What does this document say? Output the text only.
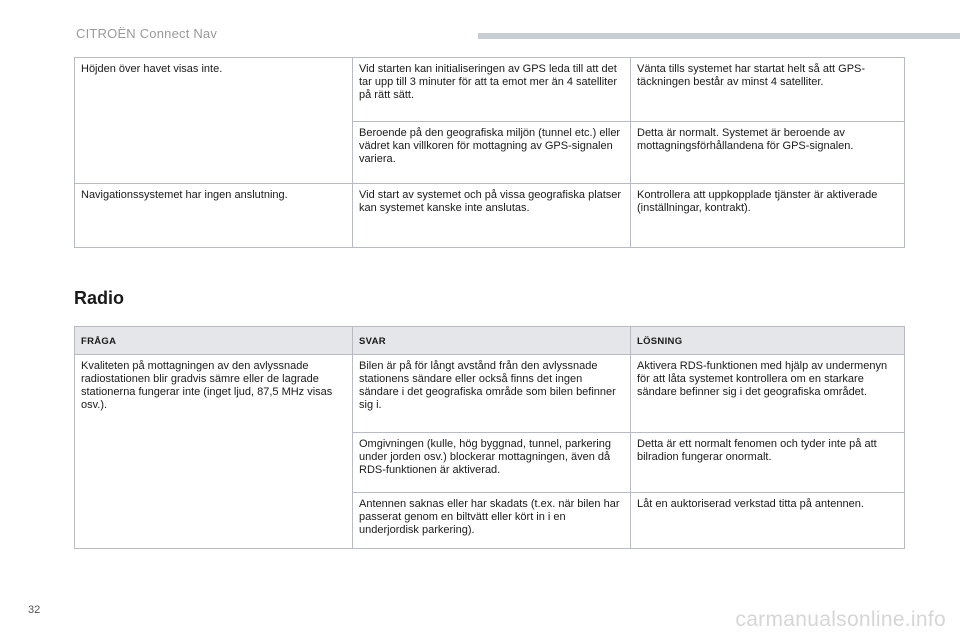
CITROËN Connect Nav
Höjden över havet visas inte.	Vid starten kan initialiseringen av GPS leda till att det tar upp till 3 minuter för att ta emot mer än 4 satelliter på rätt sätt.	Vänta tills systemet har startat helt så att GPS-täckningen består av minst 4 satelliter.
	Beroende på den geografiska miljön (tunnel etc.) eller vädret kan villkoren för mottagning av GPS-signalen variera.	Detta är normalt. Systemet är beroende av mottagningsförhållandena för GPS-signalen.
Navigationssystemet har ingen anslutning.	Vid start av systemet och på vissa geografiska platser kan systemet kanske inte anslutas.	Kontrollera att uppkopplade tjänster är aktiverade (inställningar, kontrakt).
Radio
FRÅGA	SVAR	LÖSNING
Kvaliteten på mottagningen av den avlyssnade radiostationen blir gradvis sämre eller de lagrade stationerna fungerar inte (inget ljud, 87,5 MHz visas osv.).	Bilen är på för långt avstånd från den avlyssnade stationens sändare eller också finns det ingen sändare i det geografiska område som bilen befinner sig i.	Aktivera RDS-funktionen med hjälp av undermenyn för att låta systemet kontrollera om en starkare sändare befinner sig i det geografiska området.
	Omgivningen (kulle, hög byggnad, tunnel, parkering under jorden osv.) blockerar mottagningen, även då RDS-funktionen är aktiverad.	Detta är ett normalt fenomen och tyder inte på att bilradion fungerar onormalt.
	Antennen saknas eller har skadats (t.ex. när bilen har passerat genom en biltvätt eller kört in i en underjordisk parkering).	Låt en auktoriserad verkstad titta på antennen.
32	carmanualsonline.info
